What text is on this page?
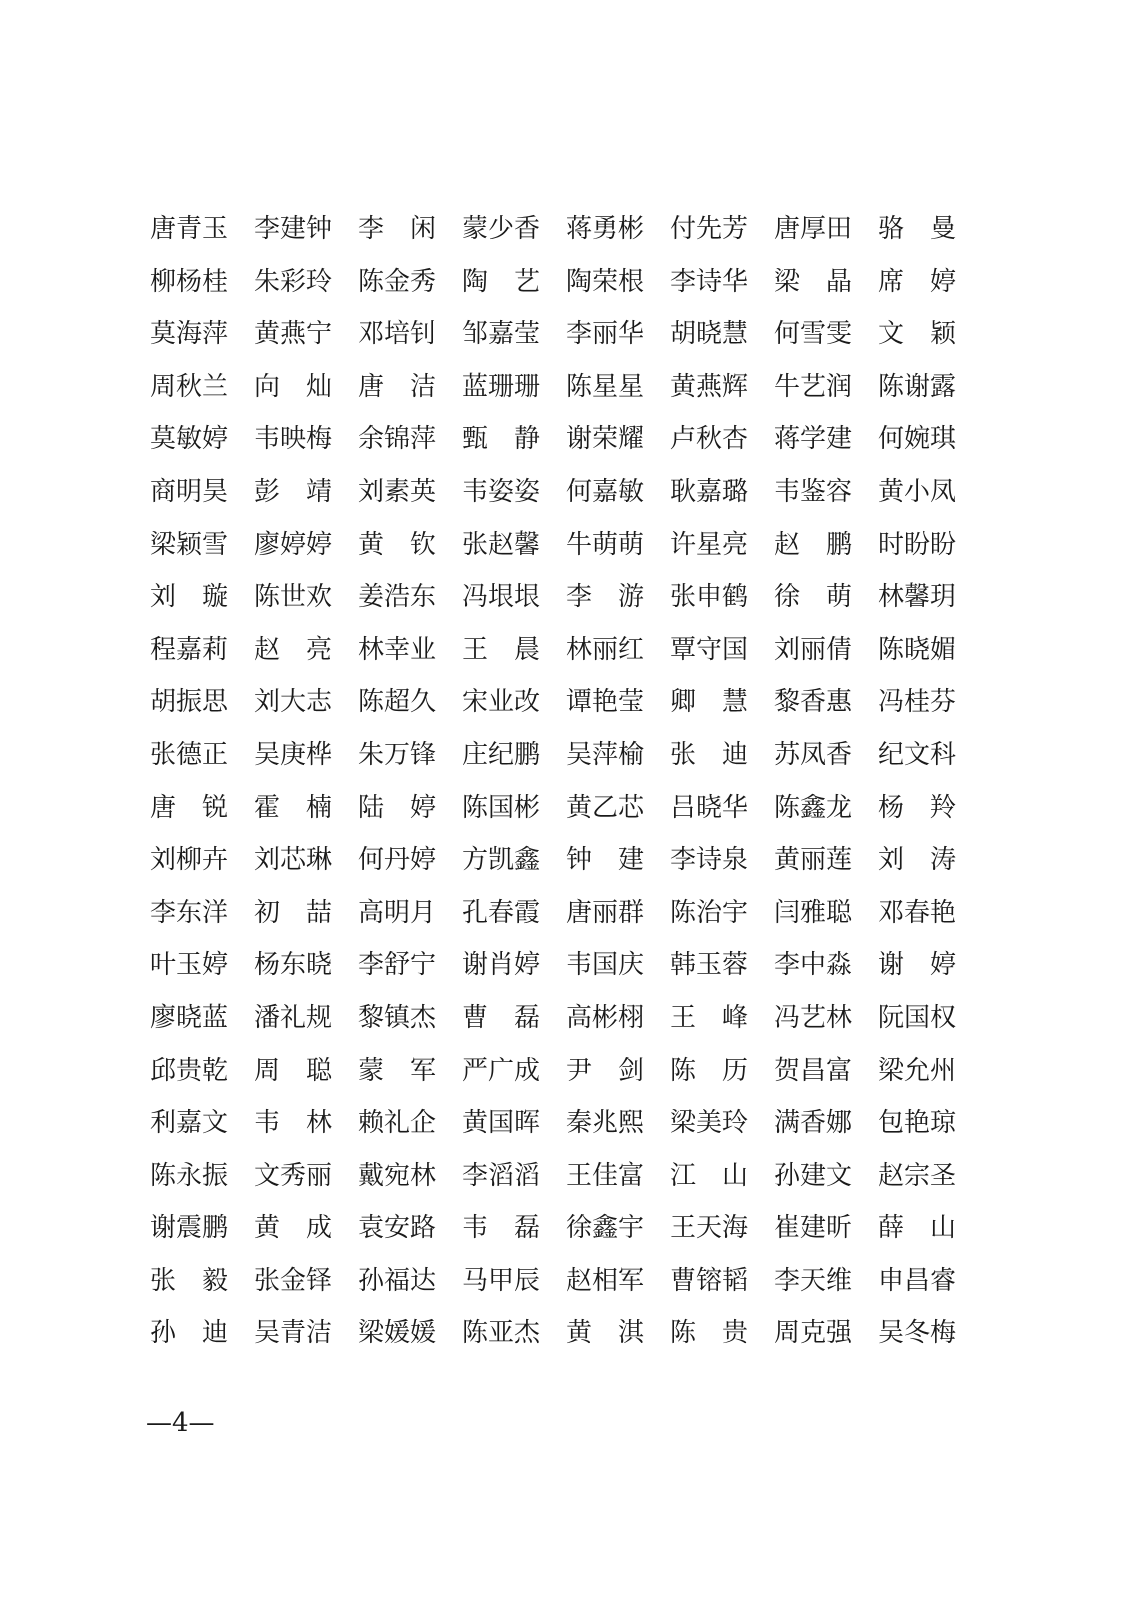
唐青玉 李建钟 李 闲 蒙少香 蒋勇彬 付先芳 唐厚田 骆 曼
柳杨桂 朱彩玲 陈金秀 陶 艺 陶荣根 李诗华 梁 晶 席 婷
莫海萍 黄燕宁 邓培钊 邹嘉莹 李丽华 胡晓慧 何雪雯 文 颖
周秋兰 向 灿 唐 洁 蓝珊珊 陈星星 黄燕辉 牛艺润 陈谢露
莫敏婷 韦映梅 余锦萍 甄 静 谢荣耀 卢秋杏 蒋学建 何婉琪
商明昊 彭 靖 刘素英 韦姿姿 何嘉敏 耿嘉璐 韦鉴容 黄小凤
梁颖雪 廖婷婷 黄 钦 张赵馨 牛萌萌 许星亮 赵 鹏 时盼盼
刘 璇 陈世欢 姜浩东 冯垠垠 李 游 张申鹤 徐 萌 林馨玥
程嘉莉 赵 亮 林幸业 王 晨 林丽红 覃守国 刘丽倩 陈晓媚
胡振思 刘大志 陈超久 宋业改 谭艳莹 卿 慧 黎香惠 冯桂芬
张德正 吴庚桦 朱万锋 庄纪鹏 吴萍榆 张 迪 苏凤香 纪文科
唐 锐 霍 楠 陆 婷 陈国彬 黄乙芯 吕晓华 陈鑫龙 杨 羚
刘柳卉 刘芯琳 何丹婷 方凯鑫 钟 建 李诗泉 黄丽莲 刘 涛
李东洋 初 喆 高明月 孔春霞 唐丽群 陈治宇 闫雅聪 邓春艳
叶玉婷 杨东晓 李舒宁 谢肖婷 韦国庆 韩玉蓉 李中淼 谢 婷
廖晓蓝 潘礼规 黎镇杰 曹 磊 高彬栩 王 峰 冯艺林 阮国权
邱贵乾 周 聪 蒙 军 严广成 尹 剑 陈 历 贺昌富 梁允州
利嘉文 韦 林 赖礼企 黄国晖 秦兆熙 梁美玲 满香娜 包艳琼
陈永振 文秀丽 戴宛林 李滔滔 王佳富 江 山 孙建文 赵宗圣
谢震鹏 黄 成 袁安路 韦 磊 徐鑫宇 王天海 崔建昕 薛 山
张 毅 张金铎 孙福达 马甲辰 赵相军 曹镕韬 李天维 申昌睿
孙 迪 吴青洁 梁媛媛 陈亚杰 黄 淇 陈 贵 周克强 吴冬梅
—4—
